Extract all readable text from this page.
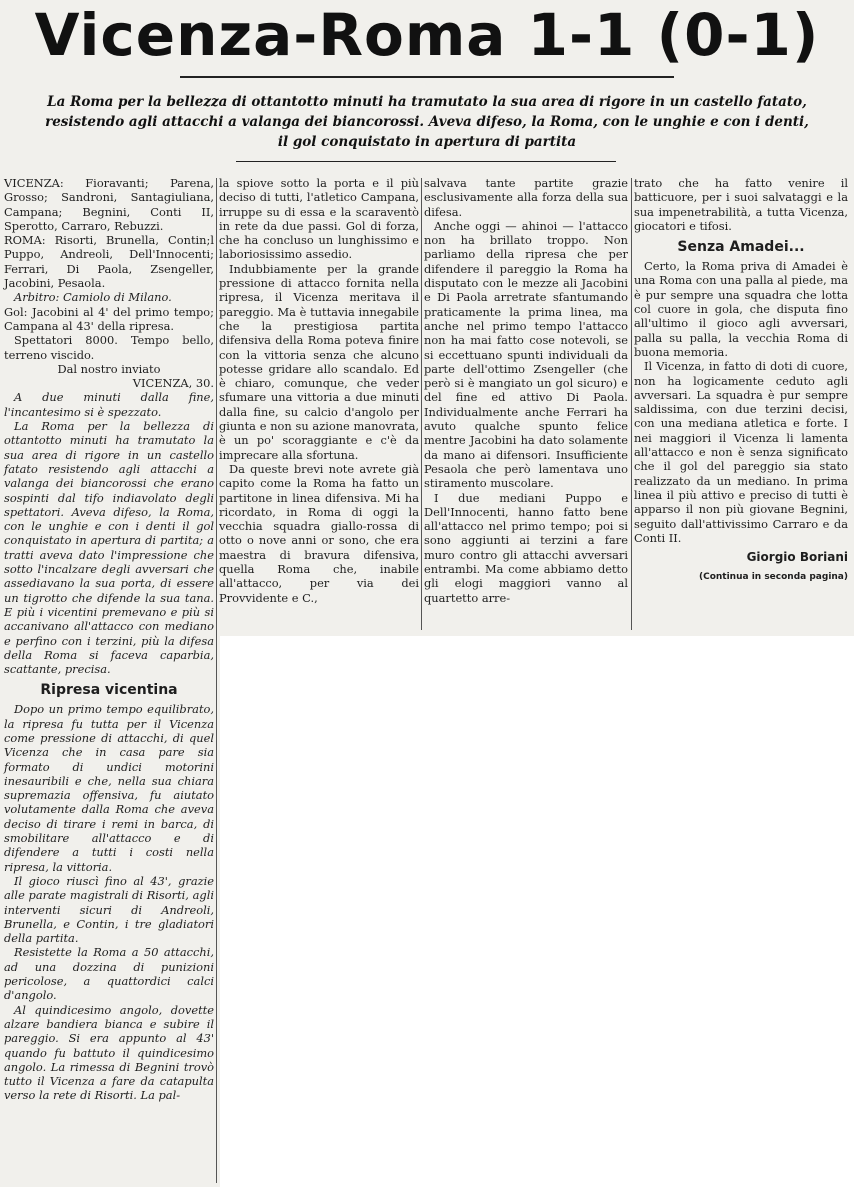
Vicenza-Roma 1-1 (0-1)
La Roma per la bellezza di ottantotto minuti ha tramutato la sua area di rigore in un castello fatato,
resistendo agli attacchi a valanga dei biancorossi. Aveva difeso, la Roma, con le unghie e con i denti,
il gol conquistato in apertura di partita

VICENZA: Fioravanti; Parena, Grosso; Sandroni, Santagiuliana, Campana; Begnini, Conti II, Sperotto, Carraro, Rebuzzi.

ROMA: Risorti, Brunella, Contin;l Puppo, Andreoli, Dell'Innocenti; Ferrari, Di Paola, Zsengeller, Jacobini, Pesaola.

Arbitro: Camiolo di Milano.

Gol: Jacobini al 4' del primo tempo; Campana al 43' della ripresa.

Spettatori 8000. Tempo bello, terreno viscido.

Dal nostro inviato

VICENZA, 30.

A due minuti dalla fine, l'incantesimo si è spezzato.

La Roma per la bellezza di ottantotto minuti ha tramutato la sua area di rigore in un castello fatato resistendo agli attacchi a valanga dei biancorossi che erano sospinti dal tifo indiavolato degli spettatori. Aveva difeso, la Roma, con le unghie e con i denti il gol conquistato in apertura di partita; a tratti aveva dato l'impressione che sotto l'incalzare degli avversari che assediavano la sua porta, di essere un tigrotto che difende la sua tana. E più i vicentini premevano e più si accanivano all'attacco con mediano e perfino con i terzini, più la difesa della Roma si faceva caparbia, scattante, precisa.

Ripresa vicentina

Dopo un primo tempo equilibrato, la ripresa fu tutta per il Vicenza come pressione di attacchi, di quel Vicenza che in casa pare sia formato di undici motorini inesauribili e che, nella sua chiara supremazia offensiva, fu aiutato volutamente dalla Roma che aveva deciso di tirare i remi in barca, di smobilitare all'attacco e di difendere a tutti i costi nella ripresa, la vittoria.

Il gioco riuscì fino al 43', grazie alle parate magistrali di Risorti, agli interventi sicuri di Andreoli, Brunella, e Contin, i tre gladiatori della partita.

Resistette la Roma a 50 attacchi, ad una dozzina di punizioni pericolose, a quattordici calci d'angolo.

Al quindicesimo angolo, dovette alzare bandiera bianca e subire il pareggio. Si era appunto al 43' quando fu battuto il quindicesimo angolo. La rimessa di Begnini trovò tutto il Vicenza a fare da catapulta verso la rete di Risorti. La pal-

la spiove sotto la porta e il più deciso di tutti, l'atletico Campana, irruppe su di essa e la scaraventò in rete da due passi. Gol di forza, che ha concluso un lunghissimo e laboriosissimo assedio.

Indubbiamente per la grande pressione di attacco fornita nella ripresa, il Vicenza meritava il pareggio. Ma è tuttavia innegabile che la prestigiosa partita difensiva della Roma poteva finire con la vittoria senza che alcuno potesse gridare allo scandalo. Ed è chiaro, comunque, che veder sfumare una vittoria a due minuti dalla fine, su calcio d'angolo per giunta e non su azione manovrata, è un po' scoraggiante e c'è da imprecare alla sfortuna.

Da queste brevi note avrete già capito come la Roma ha fatto un partitone in linea difensiva. Mi ha ricordato, in Roma di oggi la vecchia squadra giallo-rossa di otto o nove anni or sono, che era maestra di bravura difensiva, quella Roma che, inabile all'attacco, per via dei Provvidente e C.,

salvava tante partite grazie esclusivamente alla forza della sua difesa.

Anche oggi — ahinoi — l'attacco non ha brillato troppo. Non parliamo della ripresa che per difendere il pareggio la Roma ha disputato con le mezze ali Jacobini e Di Paola arretrate sfantumando praticamente la prima linea, ma anche nel primo tempo l'attacco non ha mai fatto cose notevoli, se si eccettuano spunti individuali da parte dell'ottimo Zsengeller (che però si è mangiato un gol sicuro) e del fine ed attivo Di Paola. Individualmente anche Ferrari ha avuto qualche spunto felice mentre Jacobini ha dato solamente da mano ai difensori. Insufficiente Pesaola che però lamentava uno stiramento muscolare.

I due mediani Puppo e Dell'Innocenti, hanno fatto bene all'attacco nel primo tempo; poi si sono aggiunti ai terzini a fare muro contro gli attacchi avversari entrambi. Ma come abbiamo detto gli elogi maggiori vanno al quartetto arre-

trato che ha fatto venire il batticuore, per i suoi salvataggi e la sua impenetrabilità, a tutta Vicenza, giocatori e tifosi.

Senza Amadei...

Certo, la Roma priva di Amadei è una Roma con una palla al piede, ma è pur sempre una squadra che lotta col cuore in gola, che disputa fino all'ultimo il gioco agli avversari, palla su palla, la vecchia Roma di buona memoria.

Il Vicenza, in fatto di doti di cuore, non ha logicamente ceduto agli avversari. La squadra è pur sempre saldissima, con due terzini decisi, con una mediana atletica e forte. I nei maggiori il Vicenza li lamenta all'attacco e non è senza significato che il gol del pareggio sia stato realizzato da un mediano. In prima linea il più attivo e preciso di tutti è apparso il non più giovane Begnini, seguito dall'attivissimo Carraro e da Conti II.

Giorgio Boriani
(Continua in seconda pagina)
